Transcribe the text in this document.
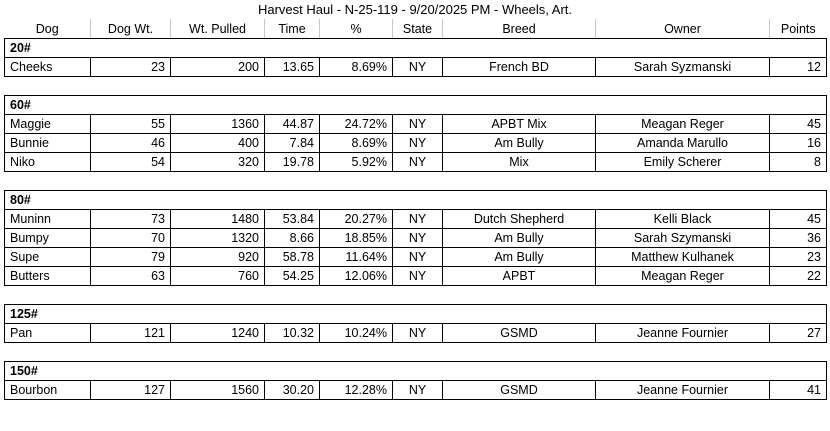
Harvest Haul - N-25-119 - 9/20/2025 PM - Wheels, Art.
Dog	Dog Wt.	Wt. Pulled	Time	%	State	Breed	Owner	Points
20#								
Cheeks	23	200	13.65	8.69%	NY	French BD	Sarah Syzmanski	12

60#								
Maggie	55	1360	44.87	24.72%	NY	APBT Mix	Meagan Reger	45
Bunnie	46	400	7.84	8.69%	NY	Am Bully	Amanda Marullo	16
Niko	54	320	19.78	5.92%	NY	Mix	Emily Scherer	8

80#								
Muninn	73	1480	53.84	20.27%	NY	Dutch Shepherd	Kelli Black	45
Bumpy	70	1320	8.66	18.85%	NY	Am Bully	Sarah Szymanski	36
Supe	79	920	58.78	11.64%	NY	Am Bully	Matthew Kulhanek	23
Butters	63	760	54.25	12.06%	NY	APBT	Meagan Reger	22

125#								
Pan	121	1240	10.32	10.24%	NY	GSMD	Jeanne Fournier	27

150#								
Bourbon	127	1560	30.20	12.28%	NY	GSMD	Jeanne Fournier	41
